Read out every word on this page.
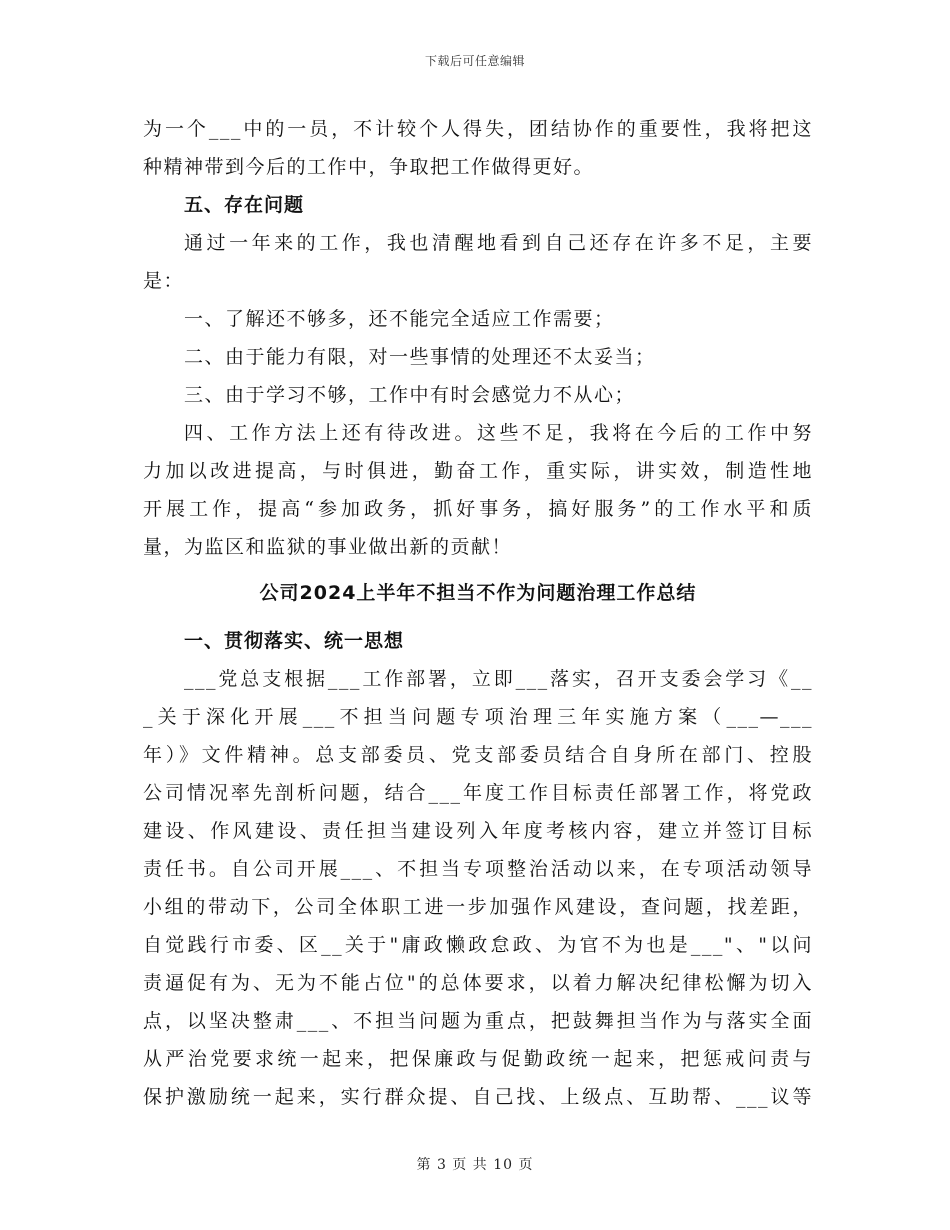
下载后可任意编辑
为一个___中的一员，不计较个人得失，团结协作的重要性，我将把这
种精神带到今后的工作中，争取把工作做得更好。
五、存在问题
通过一年来的工作，我也清醒地看到自己还存在许多不足，主要
是：
一、了解还不够多，还不能完全适应工作需要；
二、由于能力有限，对一些事情的处理还不太妥当；
三、由于学习不够，工作中有时会感觉力不从心；
四、工作方法上还有待改进。这些不足，我将在今后的工作中努
力加以改进提高，与时俱进，勤奋工作，重实际，讲实效，制造性地
开展工作，提高“参加政务，抓好事务，搞好服务”的工作水平和质
量，为监区和监狱的事业做出新的贡献！
公司2024上半年不担当不作为问题治理工作总结
一、贯彻落实、统一思想
___党总支根据___工作部署，立即___落实，召开支委会学习《__
_关于深化开展___不担当问题专项治理三年实施方案（___—___
年）》文件精神。总支部委员、党支部委员结合自身所在部门、控股
公司情况率先剖析问题，结合___年度工作目标责任部署工作，将党政
建设、作风建设、责任担当建设列入年度考核内容，建立并签订目标
责任书。自公司开展___、不担当专项整治活动以来，在专项活动领导
小组的带动下，公司全体职工进一步加强作风建设，查问题，找差距，
自觉践行市委、区__关于"庸政懒政怠政、为官不为也是___"、"以问
责逼促有为、无为不能占位"的总体要求，以着力解决纪律松懈为切入
点，以坚决整肃___、不担当问题为重点，把鼓舞担当作为与落实全面
从严治党要求统一起来，把保廉政与促勤政统一起来，把惩戒问责与
保护激励统一起来，实行群众提、自己找、上级点、互助帮、___议等
第 3 页 共 10 页
